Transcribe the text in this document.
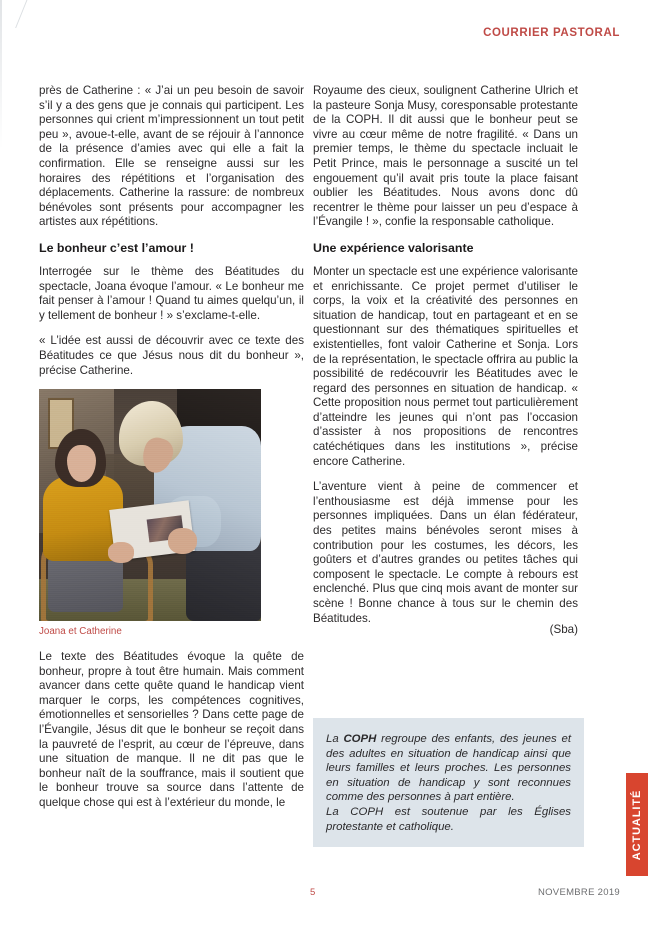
COURRIER PASTORAL

près de Catherine : « J’ai un peu besoin de savoir s’il y a des gens que je connais qui participent. Les personnes qui crient m’impressionnent un tout petit peu », avoue-t-elle, avant de se réjouir à l’annonce de la présence d’amies avec qui elle a fait la confirmation. Elle se renseigne aussi sur les horaires des répétitions et l’organisation des déplacements. Catherine la rassure: de nombreux bénévoles sont présents pour accompagner les artistes aux répétitions.

Le bonheur c’est l’amour !

Interrogée sur le thème des Béatitudes du spectacle, Joana évoque l’amour. « Le bonheur me fait penser à l’amour ! Quand tu aimes quelqu’un, il y tellement de bonheur ! » s’exclame-t-elle.

« L’idée est aussi de découvrir avec ce texte des Béatitudes ce que Jésus nous dit du bonheur », précise Catherine.

Joana et Catherine

Le texte des Béatitudes évoque la quête de bonheur, propre à tout être humain. Mais comment avancer dans cette quête quand le handicap vient marquer le corps, les compétences cognitives, émotionnelles et sensorielles ? Dans cette page de l’Évangile, Jésus dit que le bonheur se reçoit dans la pauvreté de l’esprit, au cœur de l’épreuve, dans une situation de manque. Il ne dit pas que le bonheur naît de la souffrance, mais il soutient que le bonheur trouve sa source dans l’attente de quelque chose qui est à l’extérieur du monde, le

Royaume des cieux, soulignent Catherine Ulrich et la pasteure Sonja Musy, coresponsable protestante de la COPH. Il dit aussi que le bonheur peut se vivre au cœur même de notre fragilité. « Dans un premier temps, le thème du spectacle incluait le Petit Prince, mais le personnage a suscité un tel engouement qu’il avait pris toute la place faisant oublier les Béatitudes. Nous avons donc dû recentrer le thème pour laisser un peu d’espace à l’Évangile ! », confie la responsable catholique.

Une expérience valorisante

Monter un spectacle est une expérience valorisante et enrichissante. Ce projet permet d’utiliser le corps, la voix et la créativité des personnes en situation de handicap, tout en partageant et en se questionnant sur des thématiques spirituelles et existentielles, font valoir Catherine et Sonja. Lors de la représentation, le spectacle offrira au public la possibilité de redécouvrir les Béatitudes avec le regard des personnes en situation de handicap. « Cette proposition nous permet tout particulièrement d’atteindre les jeunes qui n’ont pas l’occasion d’assister à nos propositions de rencontres catéchétiques dans les institutions », précise encore Catherine.

L’aventure vient à peine de commencer et l’enthousiasme est déjà immense pour les personnes impliquées. Dans un élan fédérateur, des petites mains bénévoles seront mises à contribution pour les costumes, les décors, les goûters et d’autres grandes ou petites tâches qui composent le spectacle. Le compte à rebours est enclenché. Plus que cinq mois avant de monter sur scène ! Bonne chance à tous sur le chemin des Béatitudes.

(Sba)

La COPH regroupe des enfants, des jeunes et des adultes en situation de handicap ainsi que leurs familles et leurs proches. Les personnes en situation de handicap y sont reconnues comme des personnes à part entière.

La COPH est soutenue par les Églises protestante et catholique.	ACTUALITÉ
5	NOVEMBRE 2019
